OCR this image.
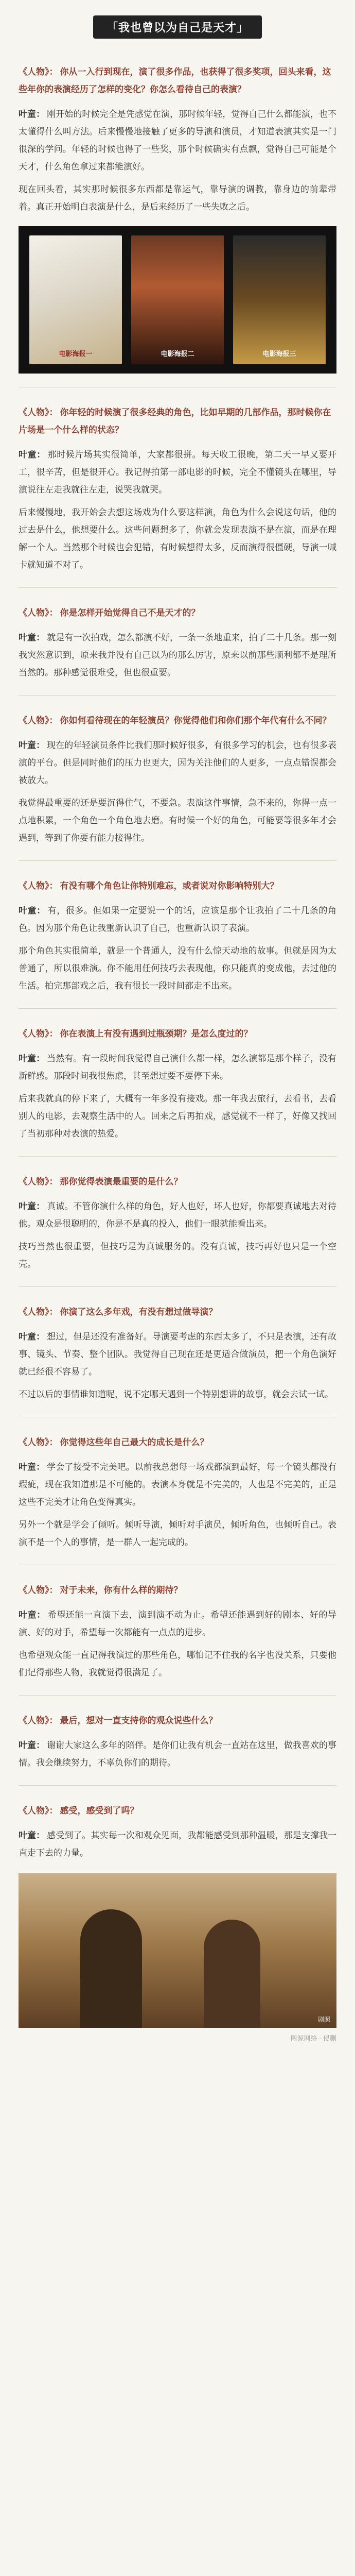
「我也曾以为自己是天才」

《人物》： 你从一入行到现在，演了很多作品，也获得了很多奖项，回头来看，这些年你的表演经历了怎样的变化？你怎么看待自己的表演？

叶童： 刚开始的时候完全是凭感觉在演，那时候年轻，觉得自己什么都能演，也不太懂得什么叫方法。后来慢慢地接触了更多的导演和演员，才知道表演其实是一门很深的学问。年轻的时候也得了一些奖，那个时候确实有点飘，觉得自己可能是个天才，什么角色拿过来都能演好。

现在回头看，其实那时候很多东西都是靠运气，靠导演的调教，靠身边的前辈带着。真正开始明白表演是什么，是后来经历了一些失败之后。

电影海报一	电影海报二	电影海报三

《人物》： 你年轻的时候演了很多经典的角色，比如早期的几部作品，那时候你在片场是一个什么样的状态？

叶童： 那时候片场其实很简单，大家都很拼。每天收工很晚，第二天一早又要开工，很辛苦，但是很开心。我记得拍第一部电影的时候，完全不懂镜头在哪里，导演说往左走我就往左走，说哭我就哭。

后来慢慢地，我开始会去想这场戏为什么要这样演，角色为什么会说这句话，他的过去是什么，他想要什么。这些问题想多了，你就会发现表演不是在演，而是在理解一个人。当然那个时候也会犯错，有时候想得太多，反而演得很僵硬，导演一喊卡就知道不对了。

《人物》： 你是怎样开始觉得自己不是天才的？

叶童： 就是有一次拍戏，怎么都演不好，一条一条地重来，拍了二十几条。那一刻我突然意识到，原来我并没有自己以为的那么厉害，原来以前那些顺利都不是理所当然的。那种感觉很难受，但也很重要。

《人物》： 你如何看待现在的年轻演员？你觉得他们和你们那个年代有什么不同？

叶童： 现在的年轻演员条件比我们那时候好很多，有很多学习的机会，也有很多表演的平台。但是同时他们的压力也更大，因为关注他们的人更多，一点点错误都会被放大。

我觉得最重要的还是要沉得住气，不要急。表演这件事情，急不来的，你得一点一点地积累，一个角色一个角色地去磨。有时候一个好的角色，可能要等很多年才会遇到，等到了你要有能力接得住。

《人物》： 有没有哪个角色让你特别难忘，或者说对你影响特别大？

叶童： 有，很多。但如果一定要说一个的话，应该是那个让我拍了二十几条的角色。因为那个角色让我重新认识了自己，也重新认识了表演。

那个角色其实很简单，就是一个普通人，没有什么惊天动地的故事。但就是因为太普通了，所以很难演。你不能用任何技巧去表现他，你只能真的变成他，去过他的生活。拍完那部戏之后，我有很长一段时间都走不出来。

《人物》： 你在表演上有没有遇到过瓶颈期？是怎么度过的？

叶童： 当然有。有一段时间我觉得自己演什么都一样，怎么演都是那个样子，没有新鲜感。那段时间我很焦虑，甚至想过要不要停下来。

后来我就真的停下来了，大概有一年多没有接戏。那一年我去旅行，去看书，去看别人的电影，去观察生活中的人。回来之后再拍戏，感觉就不一样了，好像又找回了当初那种对表演的热爱。

《人物》： 那你觉得表演最重要的是什么？

叶童： 真诚。不管你演什么样的角色，好人也好，坏人也好，你都要真诚地去对待他。观众是很聪明的，你是不是真的投入，他们一眼就能看出来。

技巧当然也很重要，但技巧是为真诚服务的。没有真诚，技巧再好也只是一个空壳。

《人物》： 你演了这么多年戏，有没有想过做导演？

叶童： 想过，但是还没有准备好。导演要考虑的东西太多了，不只是表演，还有故事、镜头、节奏、整个团队。我觉得自己现在还是更适合做演员，把一个角色演好就已经很不容易了。

不过以后的事情谁知道呢，说不定哪天遇到一个特别想讲的故事，就会去试一试。

《人物》： 你觉得这些年自己最大的成长是什么？

叶童： 学会了接受不完美吧。以前我总想每一场戏都演到最好，每一个镜头都没有瑕疵，现在我知道那是不可能的。表演本身就是不完美的，人也是不完美的，正是这些不完美才让角色变得真实。

另外一个就是学会了倾听。倾听导演，倾听对手演员，倾听角色，也倾听自己。表演不是一个人的事情，是一群人一起完成的。

《人物》： 对于未来，你有什么样的期待？

叶童： 希望还能一直演下去，演到演不动为止。希望还能遇到好的剧本、好的导演、好的对手，希望每一次都能有一点点的进步。

也希望观众能一直记得我演过的那些角色，哪怕记不住我的名字也没关系，只要他们记得那些人物，我就觉得很满足了。

《人物》： 最后，想对一直支持你的观众说些什么？

叶童： 谢谢大家这么多年的陪伴。是你们让我有机会一直站在这里，做我喜欢的事情。我会继续努力，不辜负你们的期待。

《人物》： 感受，感受到了吗？

叶童： 感受到了。其实每一次和观众见面，我都能感受到那种温暖，那是支撑我一直走下去的力量。

剧照

图源网络 · 侵删
